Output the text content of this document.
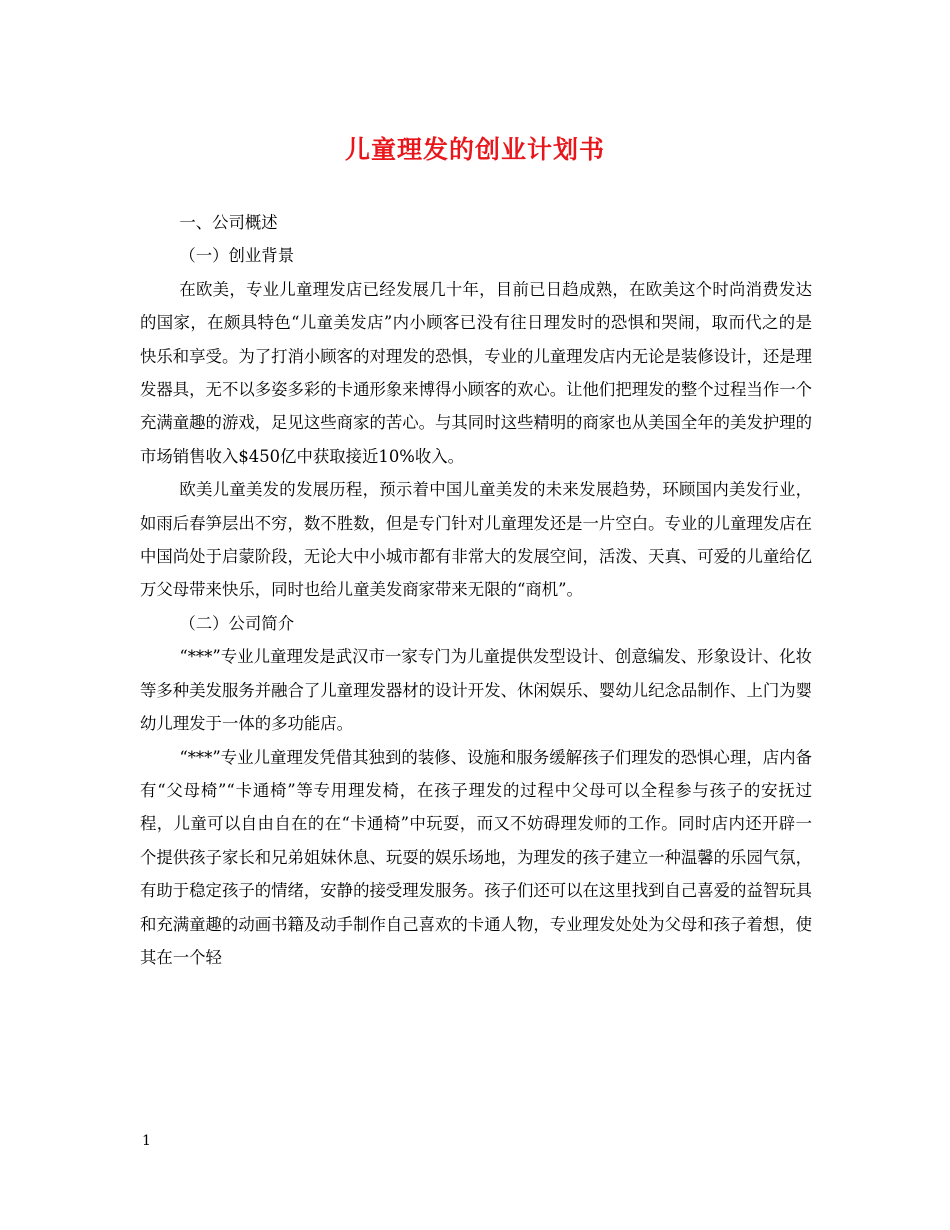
儿童理发的创业计划书

一、公司概述

（一）创业背景

在欧美，专业儿童理发店已经发展几十年，目前已日趋成熟，在欧美这个时尚消费发达的国家，在颇具特色“儿童美发店”内小顾客已没有往日理发时的恐惧和哭闹，取而代之的是快乐和享受。为了打消小顾客的对理发的恐惧，专业的儿童理发店内无论是装修设计，还是理发器具，无不以多姿多彩的卡通形象来博得小顾客的欢心。让他们把理发的整个过程当作一个充满童趣的游戏，足见这些商家的苦心。与其同时这些精明的商家也从美国全年的美发护理的市场销售收入$450亿中获取接近10%收入。

欧美儿童美发的发展历程，预示着中国儿童美发的未来发展趋势，环顾国内美发行业，如雨后春笋层出不穷，数不胜数，但是专门针对儿童理发还是一片空白。专业的儿童理发店在中国尚处于启蒙阶段，无论大中小城市都有非常大的发展空间，活泼、天真、可爱的儿童给亿万父母带来快乐，同时也给儿童美发商家带来无限的“商机”。

（二）公司简介

“***”专业儿童理发是武汉市一家专门为儿童提供发型设计、创意编发、形象设计、化妆等多种美发服务并融合了儿童理发器材的设计开发、休闲娱乐、婴幼儿纪念品制作、上门为婴幼儿理发于一体的多功能店。

“***”专业儿童理发凭借其独到的装修、设施和服务缓解孩子们理发的恐惧心理，店内备有“父母椅”“卡通椅”等专用理发椅，在孩子理发的过程中父母可以全程参与孩子的安抚过程，儿童可以自由自在的在“卡通椅”中玩耍，而又不妨碍理发师的工作。同时店内还开辟一个提供孩子家长和兄弟姐妹休息、玩耍的娱乐场地，为理发的孩子建立一种温馨的乐园气氛，有助于稳定孩子的情绪，安静的接受理发服务。孩子们还可以在这里找到自己喜爱的益智玩具和充满童趣的动画书籍及动手制作自己喜欢的卡通人物，专业理发处处为父母和孩子着想，使其在一个轻

1
